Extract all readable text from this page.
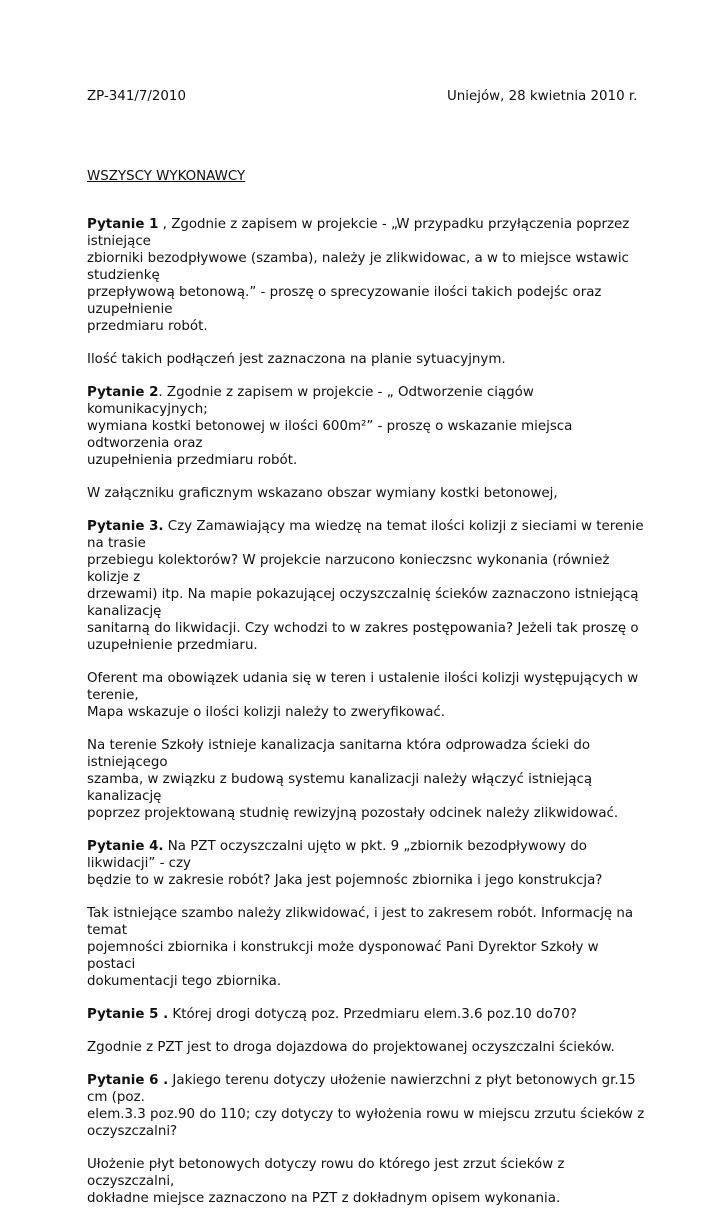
ZP-341/7/2010	Uniejów, 28 kwietnia 2010 r.

WSZYSCY WYKONAWCY

Pytanie 1 , Zgodnie z zapisem w projekcie - „W przypadku przyłączenia poprzez istniejące
zbiorniki bezodpływowe (szamba), należy je zlikwidowac, a w to miejsce wstawic studzienkę
przepływową betonową.” - proszę o sprecyzowanie ilości takich podejśc oraz uzupełnienie
przedmiaru robót.

Ilość takich podłączeń jest zaznaczona na planie sytuacyjnym.

Pytanie 2. Zgodnie z zapisem w projekcie - „ Odtworzenie ciągów komunikacyjnych;
wymiana kostki betonowej w ilości 600m²” - proszę o wskazanie miejsca odtworzenia oraz
uzupełnienia przedmiaru robót.

W załączniku graficznym wskazano obszar wymiany kostki betonowej,

Pytanie 3. Czy Zamawiający ma wiedzę na temat ilości kolizji z sieciami w terenie na trasie
przebiegu kolektorów? W projekcie narzucono konieczsnc wykonania (również kolizje z
drzewami) itp. Na mapie pokazującej oczyszczalnię ścieków zaznaczono istniejącą kanalizację
sanitarną do likwidacji. Czy wchodzi to w zakres postępowania? Jeżeli tak proszę o
uzupełnienie przedmiaru.

Oferent ma obowiązek udania się w teren i ustalenie ilości kolizji występujących w terenie,
Mapa wskazuje o ilości kolizji należy to zweryfikować.

Na terenie Szkoły istnieje kanalizacja sanitarna która odprowadza ścieki do istniejącego
szamba, w związku z budową systemu kanalizacji należy włączyć istniejącą kanalizację
poprzez projektowaną studnię rewizyjną pozostały odcinek należy zlikwidować.

Pytanie 4. Na PZT oczyszczalni ujęto w pkt. 9 „zbiornik bezodpływowy do likwidacji” - czy
będzie to w zakresie robót? Jaka jest pojemnośc zbiornika i jego konstrukcja?

Tak istniejące szambo należy zlikwidować, i jest to zakresem robót. Informację na temat
pojemności zbiornika i konstrukcji może dysponować Pani Dyrektor Szkoły w postaci
dokumentacji tego zbiornika.

Pytanie 5 . Której drogi dotyczą poz. Przedmiaru elem.3.6 poz.10 do70?

Zgodnie z PZT jest to droga dojazdowa do projektowanej oczyszczalni ścieków.

Pytanie 6 . Jakiego terenu dotyczy ułożenie nawierzchni z płyt betonowych gr.15 cm (poz.
elem.3.3 poz.90 do 110; czy dotyczy to wyłożenia rowu w miejscu zrzutu ścieków z
oczyszczalni?

Ułożenie płyt betonowych dotyczy rowu do którego jest zrzut ścieków z oczyszczalni,
dokładne miejsce zaznaczono na PZT z dokładnym opisem wykonania.
